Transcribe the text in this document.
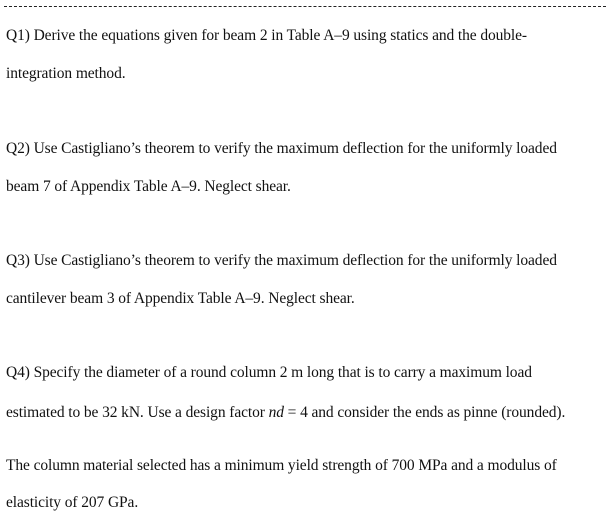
Q1) Derive the equations given for beam 2 in Table A–9 using statics and the double-
integration method.
Q2) Use Castigliano’s theorem to verify the maximum deflection for the uniformly loaded
beam 7 of Appendix Table A–9. Neglect shear.
Q3) Use Castigliano’s theorem to verify the maximum deflection for the uniformly loaded
cantilever beam 3 of Appendix Table A–9. Neglect shear.
Q4) Specify the diameter of a round column 2 m long that is to carry a maximum load
estimated to be 32 kN. Use a design factor nd = 4 and consider the ends as pinne (rounded).
The column material selected has a minimum yield strength of 700 MPa and a modulus of
elasticity of 207 GPa.
